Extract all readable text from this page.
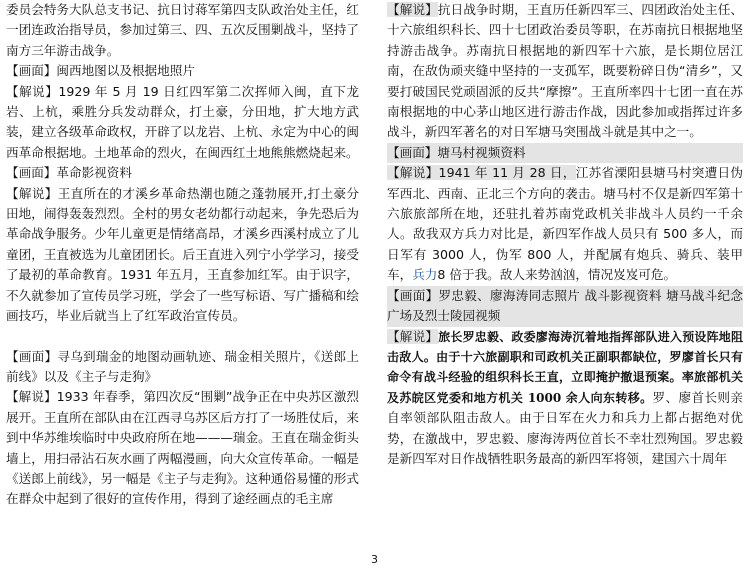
委员会特务大队总支书记、抗日讨蒋军第四支队政治处主任，红一团连政治指导员，参加过第三、四、五次反围剿战斗，坚持了南方三年游击战争。

【画面】闽西地图以及根据地照片

【解说】1929 年 5 月 19 日红四军第二次挥师入闽，直下龙岩、上杭，乘胜分兵发动群众，打土豪，分田地，扩大地方武装，建立各级革命政权，开辟了以龙岩、上杭、永定为中心的闽西革命根据地。土地革命的烈火，在闽西红土地熊熊燃烧起来。

【画面】革命影视资料

【解说】王直所在的才溪乡革命热潮也随之蓬勃展开,打土豪分田地，闹得轰轰烈烈。全村的男女老幼都行动起来，争先恐后为革命战争服务。少年儿童更是情绪高昂，才溪乡西溪村成立了儿童团，王直被选为儿童团团长。后王直进入列宁小学学习，接受了最初的革命教育。1931 年五月，王直参加红军。由于识字，不久就参加了宣传员学习班，学会了一些写标语、写广播稿和绘画技巧，毕业后就当上了红军政治宣传员。

【画面】寻乌到瑞金的地图动画轨迹、瑞金相关照片，《送郎上前线》以及《主子与走狗》

【解说】1933 年春季，第四次反“围剿”战争正在中央苏区激烈展开。王直所在部队由在江西寻乌苏区后方打了一场胜仗后，来到中华苏维埃临时中央政府所在地———瑞金。王直在瑞金街头墙上，用扫帚沾石灰水画了两幅漫画，向大众宣传革命。一幅是《送郎上前线》，另一幅是《主子与走狗》。这种通俗易懂的形式在群众中起到了很好的宣传作用，得到了途经画点的毛主席

【解说】抗日战争时期，王直历任新四军三、四团政治处主任、十六旅组织科长、四十七团政治委员等职，在苏南抗日根据地坚持游击战争。苏南抗日根据地的新四军十六旅，是长期位居江南，在敌伪顽夹缝中坚持的一支孤军，既要粉碎日伪“清乡”，又要打破国民党顽固派的反共“摩擦”。王直所率四十七团一直在苏南根据地的中心茅山地区进行游击作战，因此参加或指挥过许多战斗，新四军著名的对日军塘马突围战斗就是其中之一。

【画面】塘马村视频资料

【解说】1941 年 11 月 28 日，江苏省溧阳县塘马村突遭日伪军西北、西南、正北三个方向的袭击。塘马村不仅是新四军第十六旅旅部所在地，还驻扎着苏南党政机关非战斗人员约一千余人。敌我双方兵力对比是，新四军作战人员只有 500 多人，而日军有 3000 人，伪军 800 人，并配属有炮兵、骑兵、装甲车，兵力8 倍于我。敌人来势汹汹，情况岌岌可危。

【画面】罗忠毅、廖海涛同志照片 战斗影视资料 塘马战斗纪念广场及烈士陵园视频

【解说】旅长罗忠毅、政委廖海涛沉着地指挥部队进入预设阵地阻击敌人。由于十六旅副职和司政机关正副职都缺位，罗廖首长只有命令有战斗经验的组织科长王直，立即掩护撤退预案。率旅部机关及苏皖区党委和地方机关 1000 余人向东转移。罗、廖首长则亲自率领部队阻击敌人。由于日军在火力和兵力上都占据绝对优势，在激战中，罗忠毅、廖海涛两位首长不幸壮烈殉国。罗忠毅是新四军对日作战牺牲职务最高的新四军将领，建国六十周年

3
